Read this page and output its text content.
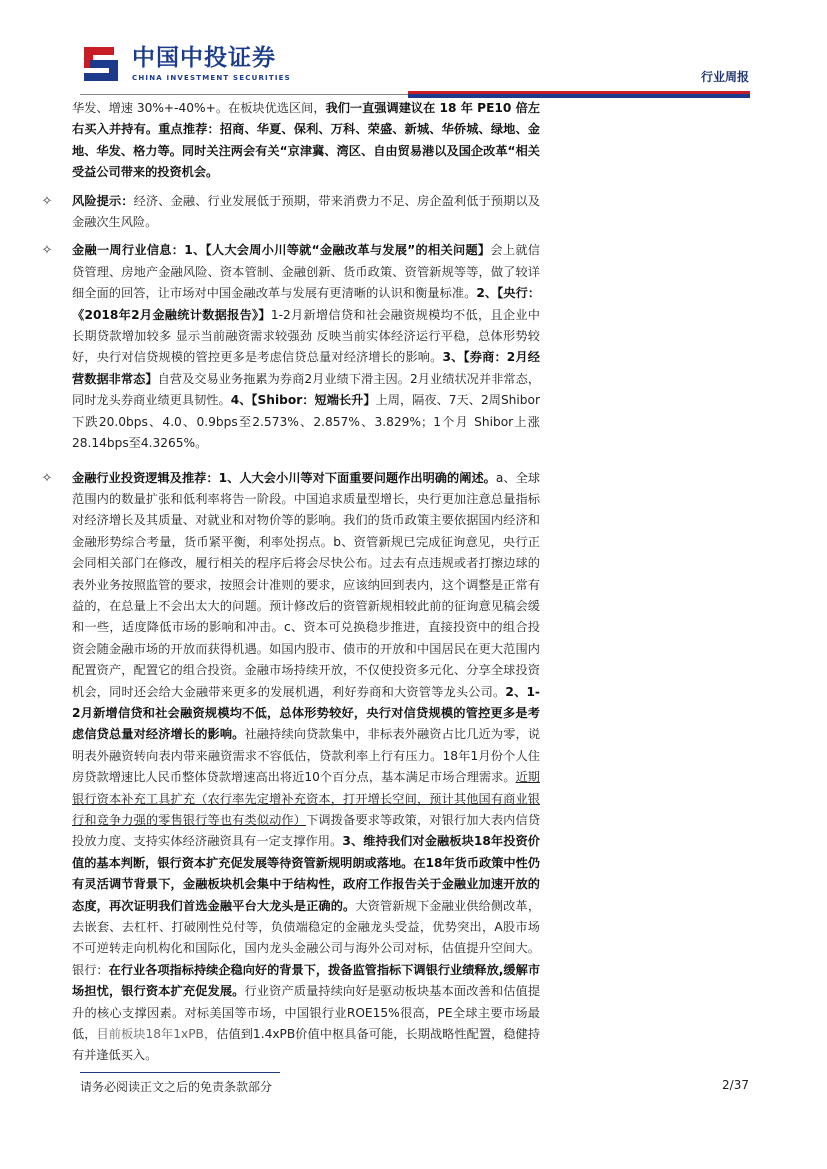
中国中投证券
CHINA INVESTMENT SECURITIES	行业周报
华发、增速 30%+-40%+。在板块优选区间，我们一直强调建议在 18 年 PE10 倍左右买入并持有。重点推荐：招商、华夏、保利、万科、荣盛、新城、华侨城、绿地、金地、华发、格力等。同时关注两会有关“京津冀、湾区、自由贸易港以及国企改革“相关受益公司带来的投资机会。
✧	风险提示：经济、金融、行业发展低于预期，带来消费力不足、房企盈利低于预期以及金融次生风险。
✧	金融一周行业信息：1、【人大会周小川等就“金融改革与发展”的相关问题】会上就信贷管理、房地产金融风险、资本管制、金融创新、货币政策、资管新规等等，做了较详细全面的回答，让市场对中国金融改革与发展有更清晰的认识和衡量标准。2、【央行：《2018年2月金融统计数据报告》】1-2月新增信贷和社会融资规模均不低，且企业中长期贷款增加较多 显示当前融资需求较强劲 反映当前实体经济运行平稳，总体形势较好，央行对信贷规模的管控更多是考虑信贷总量对经济增长的影响。3、【券商：2月经营数据非常态】自营及交易业务拖累为券商2月业绩下滑主因。2月业绩状况并非常态，同时龙头券商业绩更具韧性。4、【Shibor：短端长升】上周，隔夜、7天、2周Shibor下跌20.0bps、4.0、0.9bps至2.573%、2.857%、3.829%；1个月 Shibor上涨28.14bps至4.3265%。
✧	金融行业投资逻辑及推荐：1、人大会小川等对下面重要问题作出明确的阐述。a、全球范围内的数量扩张和低利率将告一阶段。中国追求质量型增长，央行更加注意总量指标对经济增长及其质量、对就业和对物价等的影响。我们的货币政策主要依据国内经济和金融形势综合考量，货币紧平衡，利率处拐点。b、资管新规已完成征询意见，央行正会同相关部门在修改，履行相关的程序后将会尽快公布。过去有点违规或者打擦边球的表外业务按照监管的要求，按照会计准则的要求，应该纳回到表内，这个调整是正常有益的，在总量上不会出太大的问题。预计修改后的资管新规相较此前的征询意见稿会缓和一些，适度降低市场的影响和冲击。c、资本可兑换稳步推进，直接投资中的组合投资会随金融市场的开放而获得机遇。如国内股市、债市的开放和中国居民在更大范围内配置资产，配置它的组合投资。金融市场持续开放，不仅使投资多元化、分享全球投资机会，同时还会给大金融带来更多的发展机遇，利好券商和大资管等龙头公司。2、1-2月新增信贷和社会融资规模均不低，总体形势较好，央行对信贷规模的管控更多是考虑信贷总量对经济增长的影响。社融持续向贷款集中，非标表外融资占比几近为零，说明表外融资转向表内带来融资需求不容低估，贷款利率上行有压力。18年1月份个人住房贷款增速比人民币整体贷款增速高出将近10个百分点，基本满足市场合理需求。近期银行资本补充工具扩充（农行率先定增补充资本，打开增长空间，预计其他国有商业银行和竞争力强的零售银行等也有类似动作）下调拨备要求等政策，对银行加大表内信贷投放力度、支持实体经济融资具有一定支撑作用。3、维持我们对金融板块18年投资价值的基本判断，银行资本扩充促发展等待资管新规明朗或落地。在18年货币政策中性仍有灵活调节背景下，金融板块机会集中于结构性，政府工作报告关于金融业加速开放的态度，再次证明我们首选金融平台大龙头是正确的。大资管新规下金融业供给侧改革，去嵌套、去杠杆、打破刚性兑付等，负债端稳定的金融龙头受益，优势突出，A股市场不可逆转走向机构化和国际化，国内龙头金融公司与海外公司对标，估值提升空间大。银行：在行业各项指标持续企稳向好的背景下，拨备监管指标下调银行业绩释放,缓解市场担忧，银行资本扩充促发展。行业资产质量持续向好是驱动板块基本面改善和估值提升的核心支撑因素。对标美国等市场，中国银行业ROE15%很高，PE全球主要市场最低，目前板块18年1xPB，估值到1.4xPB价值中枢具备可能，长期战略性配置，稳健持有并逢低买入。
请务必阅读正文之后的免责条款部分	2/37
